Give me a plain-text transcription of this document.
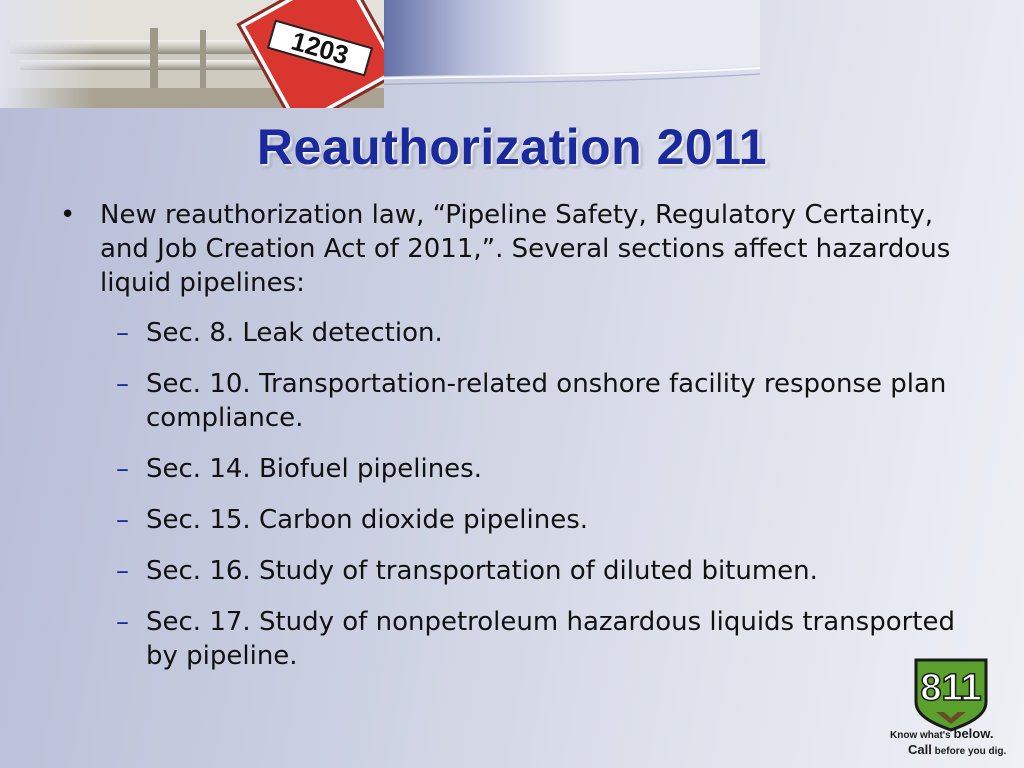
Reauthorization 2011
• New reauthorization law, “Pipeline Safety, Regulatory Certainty, and Job Creation Act of 2011,”. Several sections affect hazardous liquid pipelines:
– Sec. 8. Leak detection.
– Sec. 10. Transportation-related onshore facility response plan compliance.
– Sec. 14. Biofuel pipelines.
– Sec. 15. Carbon dioxide pipelines.
– Sec. 16. Study of transportation of diluted bitumen.
– Sec. 17. Study of nonpetroleum hazardous liquids transported by pipeline.
811
Know what's below.
Call before you dig.
